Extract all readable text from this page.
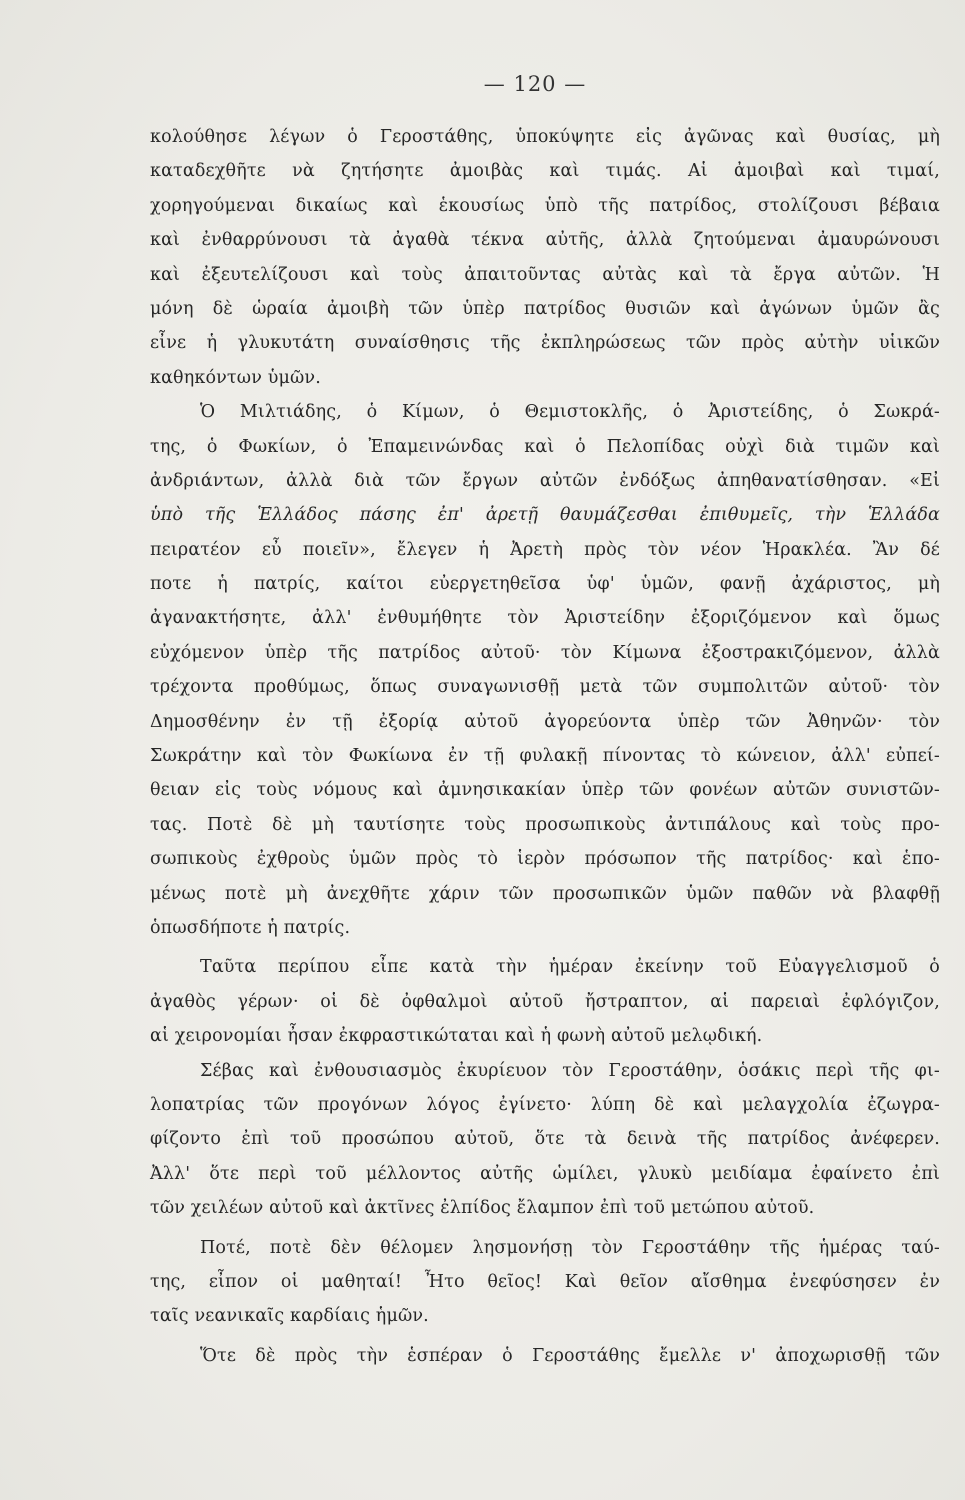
— 120 —
κολούθησε λέγων ὁ Γεροστάθης, ὑποκύψητε εἰς ἀγῶνας καὶ θυσίας, μὴ
καταδεχθῆτε νὰ ζητήσητε ἀμοιβὰς καὶ τιμάς. Αἱ ἀμοιβαὶ καὶ τιμαί,
χορηγούμεναι δικαίως καὶ ἑκουσίως ὑπὸ τῆς πατρίδος, στολίζουσι βέβαια
καὶ ἐνθαρρύνουσι τὰ ἀγαθὰ τέκνα αὐτῆς, ἀλλὰ ζητούμεναι ἀμαυρώνουσι
καὶ ἐξευτελίζουσι καὶ τοὺς ἀπαιτοῦντας αὐτὰς καὶ τὰ ἔργα αὐτῶν. Ἡ
μόνη δὲ ὡραία ἀμοιβὴ τῶν ὑπὲρ πατρίδος θυσιῶν καὶ ἀγώνων ὑμῶν ἂς
εἶνε ἡ γλυκυτάτη συναίσθησις τῆς ἐκπληρώσεως τῶν πρὸς αὐτὴν υἱικῶν
καθηκόντων ὑμῶν.
Ὁ Μιλτιάδης, ὁ Κίμων, ὁ Θεμιστοκλῆς, ὁ Ἀριστείδης, ὁ Σωκρά-
της, ὁ Φωκίων, ὁ Ἐπαμεινώνδας καὶ ὁ Πελοπίδας οὐχὶ διὰ τιμῶν καὶ
ἀνδριάντων, ἀλλὰ διὰ τῶν ἔργων αὐτῶν ἐνδόξως ἀπηθανατίσθησαν. «Εἰ
ὑπὸ τῆς Ἑλλάδος πάσης ἐπ' ἀρετῇ θαυμάζεσθαι ἐπιθυμεῖς, τὴν Ἑλλάδα
πειρατέον εὖ ποιεῖν», ἔλεγεν ἡ Ἀρετὴ πρὸς τὸν νέον Ἡρακλέα. Ἂν δέ
ποτε ἡ πατρίς, καίτοι εὐεργετηθεῖσα ὑφ' ὑμῶν, φανῇ ἀχάριστος, μὴ
ἀγανακτήσητε, ἀλλ' ἐνθυμήθητε τὸν Ἀριστείδην ἐξοριζόμενον καὶ ὅμως
εὐχόμενον ὑπὲρ τῆς πατρίδος αὐτοῦ· τὸν Κίμωνα ἐξοστρακιζόμενον, ἀλλὰ
τρέχοντα προθύμως, ὅπως συναγωνισθῇ μετὰ τῶν συμπολιτῶν αὐτοῦ· τὸν
Δημοσθένην ἐν τῇ ἐξορίᾳ αὐτοῦ ἀγορεύοντα ὑπὲρ τῶν Ἀθηνῶν· τὸν
Σωκράτην καὶ τὸν Φωκίωνα ἐν τῇ φυλακῇ πίνοντας τὸ κώνειον, ἀλλ' εὐπεί-
θειαν εἰς τοὺς νόμους καὶ ἀμνησικακίαν ὑπὲρ τῶν φονέων αὐτῶν συνιστῶν-
τας. Ποτὲ δὲ μὴ ταυτίσητε τοὺς προσωπικοὺς ἀντιπάλους καὶ τοὺς προ-
σωπικοὺς ἐχθροὺς ὑμῶν πρὸς τὸ ἱερὸν πρόσωπον τῆς πατρίδος· καὶ ἑπο-
μένως ποτὲ μὴ ἀνεχθῆτε χάριν τῶν προσωπικῶν ὑμῶν παθῶν νὰ βλαφθῇ
ὁπωσδήποτε ἡ πατρίς.
Ταῦτα περίπου εἶπε κατὰ τὴν ἡμέραν ἐκείνην τοῦ Εὐαγγελισμοῦ ὁ
ἀγαθὸς γέρων· οἱ δὲ ὀφθαλμοὶ αὐτοῦ ἤστραπτον, αἱ παρειαὶ ἐφλόγιζον,
αἱ χειρονομίαι ἦσαν ἐκφραστικώταται καὶ ἡ φωνὴ αὐτοῦ μελῳδική.
Σέβας καὶ ἐνθουσιασμὸς ἐκυρίευον τὸν Γεροστάθην, ὁσάκις περὶ τῆς φι-
λοπατρίας τῶν προγόνων λόγος ἐγίνετο· λύπη δὲ καὶ μελαγχολία ἐζωγρα-
φίζοντο ἐπὶ τοῦ προσώπου αὐτοῦ, ὅτε τὰ δεινὰ τῆς πατρίδος ἀνέφερεν.
Ἀλλ' ὅτε περὶ τοῦ μέλλοντος αὐτῆς ὡμίλει, γλυκὺ μειδίαμα ἐφαίνετο ἐπὶ
τῶν χειλέων αὐτοῦ καὶ ἀκτῖνες ἐλπίδος ἔλαμπον ἐπὶ τοῦ μετώπου αὐτοῦ.
Ποτέ, ποτὲ δὲν θέλομεν λησμονήσῃ τὸν Γεροστάθην τῆς ἡμέρας ταύ-
της, εἶπον οἱ μαθηταί! Ἦτο θεῖος! Καὶ θεῖον αἴσθημα ἐνεφύσησεν ἐν
ταῖς νεανικαῖς καρδίαις ἡμῶν.
Ὅτε δὲ πρὸς τὴν ἑσπέραν ὁ Γεροστάθης ἔμελλε ν' ἀποχωρισθῇ τῶν
